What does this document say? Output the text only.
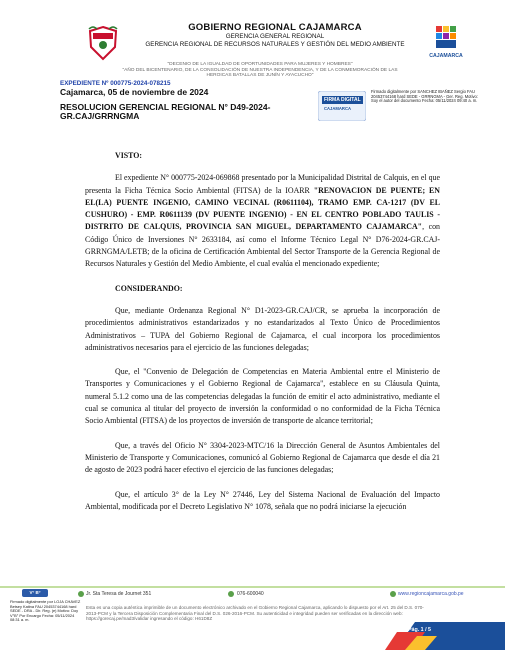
GOBIERNO REGIONAL CAJAMARCA
GERENCIA GENERAL REGIONAL
GERENCIA REGIONAL DE RECURSOS NATURALES Y GESTIÓN DEL MEDIO AMBIENTE
CAJAMARCA
"DECENIO DE LA IGUALDAD DE OPORTUNIDADES PARA MUJERES Y HOMBRES"
"AÑO DEL BICENTENARIO, DE LA CONSOLIDACIÓN DE NUESTRA INDEPENDENCIA, Y DE LA CONMEMORACIÓN DE LAS HEROICAS BATALLAS DE JUNÍN Y AYACUCHO"
EXPEDIENTE Nº 000775-2024-078215
Cajamarca, 05 de noviembre de 2024
RESOLUCION GERENCIAL REGIONAL N° D49-2024-GR.CAJ/GRRNGMA
FIRMA DIGITAL
CAJAMARCA
Firmado digitalmente por SANCHEZ IBAÑEZ Sergio FAU 20453744168 hard SEDE - GRRNGMA - Ger. Reg. Motivo: Soy el autor del documento Fecha: 05/11/2024 09:40 a. m.
VISTO:

El expediente N° 000775-2024-069868 presentado por la Municipalidad Distrital de Calquis, en el que presenta la Ficha Técnica Socio Ambiental (FITSA) de la IOARR "RENOVACION DE PUENTE; EN EL(LA) PUENTE INGENIO, CAMINO VECINAL (R0611104), TRAMO EMP. CA-1217 (DV EL CUSHURO) - EMP. R0611139 (DV PUENTE INGENIO) - EN EL CENTRO POBLADO TAULIS - DISTRITO DE CALQUIS, PROVINCIA SAN MIGUEL, DEPARTAMENTO CAJAMARCA", con Código Único de Inversiones N° 2633184, así como el Informe Técnico Legal N° D76-2024-GR.CAJ-GRRNGMA/LETB; de la oficina de Certificación Ambiental del Sector Transporte de la Gerencia Regional de Recursos Naturales y Gestión del Medio Ambiente, el cual evalúa el mencionado expediente;

CONSIDERANDO:

Que, mediante Ordenanza Regional N° D1-2023-GR.CAJ/CR, se aprueba la incorporación de procedimientos administrativos estandarizados y no estandarizados al Texto Único de Procedimientos Administrativos – TUPA del Gobierno Regional de Cajamarca, el cual incorpora los procedimientos administrativos necesarios para el ejercicio de las funciones delegadas;

Que, el "Convenio de Delegación de Competencias en Materia Ambiental entre el Ministerio de Transportes y Comunicaciones y el Gobierno Regional de Cajamarca", establece en su Cláusula Quinta, numeral 5.1.2 como una de las competencias delegadas la función de emitir el acto administrativo, mediante el cual se comunica al titular del proyecto de inversión la conformidad o no conformidad de la Ficha Técnica Socio Ambiental (FITSA) de los proyectos de inversión de transporte de alcance territorial;

Que, a través del Oficio N° 3304-2023-MTC/16 la Dirección General de Asuntos Ambientales del Ministerio de Transporte y Comunicaciones, comunicó al Gobierno Regional de Cajamarca que desde el día 21 de agosto de 2023 podrá hacer efectivo el ejercicio de las funciones delegadas;

Que, el artículo 3° de la Ley N° 27446, Ley del Sistema Nacional de Evaluación del Impacto Ambiental, modificada por el Decreto Legislativo N° 1078, señala que no podrá iniciarse la ejecución

V° B°	Jr. Sta Teresa de Journet 351	076-600040	www.regioncajamarca.gob.pe
Firmado digitalmente por LOJA CHAVEZ Betsey Katina FAU 20453744168 hard SEDE - DRA - Dir. Reg. (e) Motivo: Doy V°B° Por Encargo Fecha: 05/11/2024 08:31 a. m.
Esta es una copia auténtica imprimible de un documento electrónico archivado en el Gobierno Regional Cajamarca, aplicando lo dispuesto por el Art. 25 del D.S. 070-2013-PCM y la Tercera Disposición Complementaria Final del D.S. 026-2016-PCM. Su autenticidad e integridad pueden ser verificadas en la dirección web: https://gorecaj.pe/mad3/validar ingresando el código: H61D8Z
Pág. 1 / 5
